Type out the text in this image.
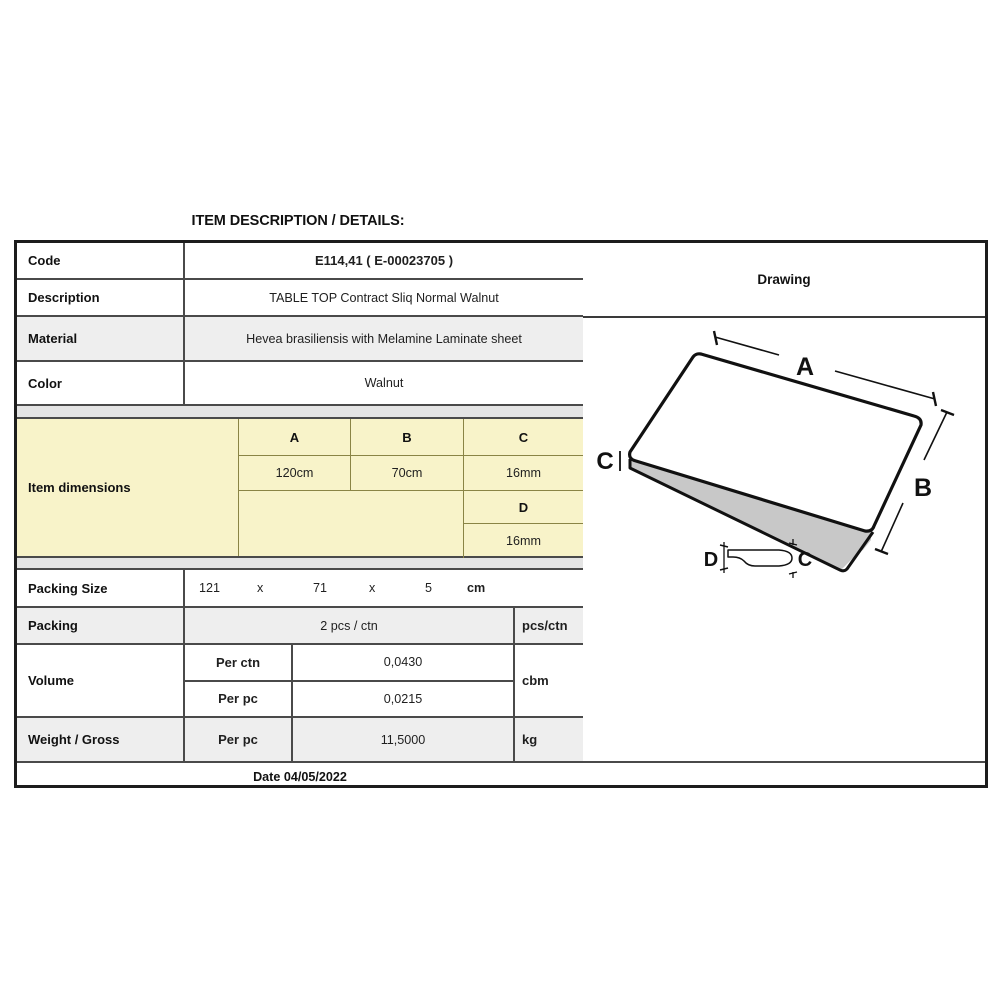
ITEM DESCRIPTION / DETAILS:
Code	E114,41 ( E-00023705 )
Description	TABLE TOP Contract Sliq Normal Walnut
Material	Hevea brasiliensis with Melamine Laminate sheet
Color	Walnut
Item dimensions
A	B	C
120cm	70cm	16mm
D
16mm
Packing Size	121	x	71	x	5	cm
Packing	2 pcs / ctn	pcs/ctn
Volume
Per ctn	0,0430
Per pc	0,0215
cbm
Weight / Gross	Per pc	11,5000	kg
Drawing
A
B
C
D	C
Date 04/05/2022
